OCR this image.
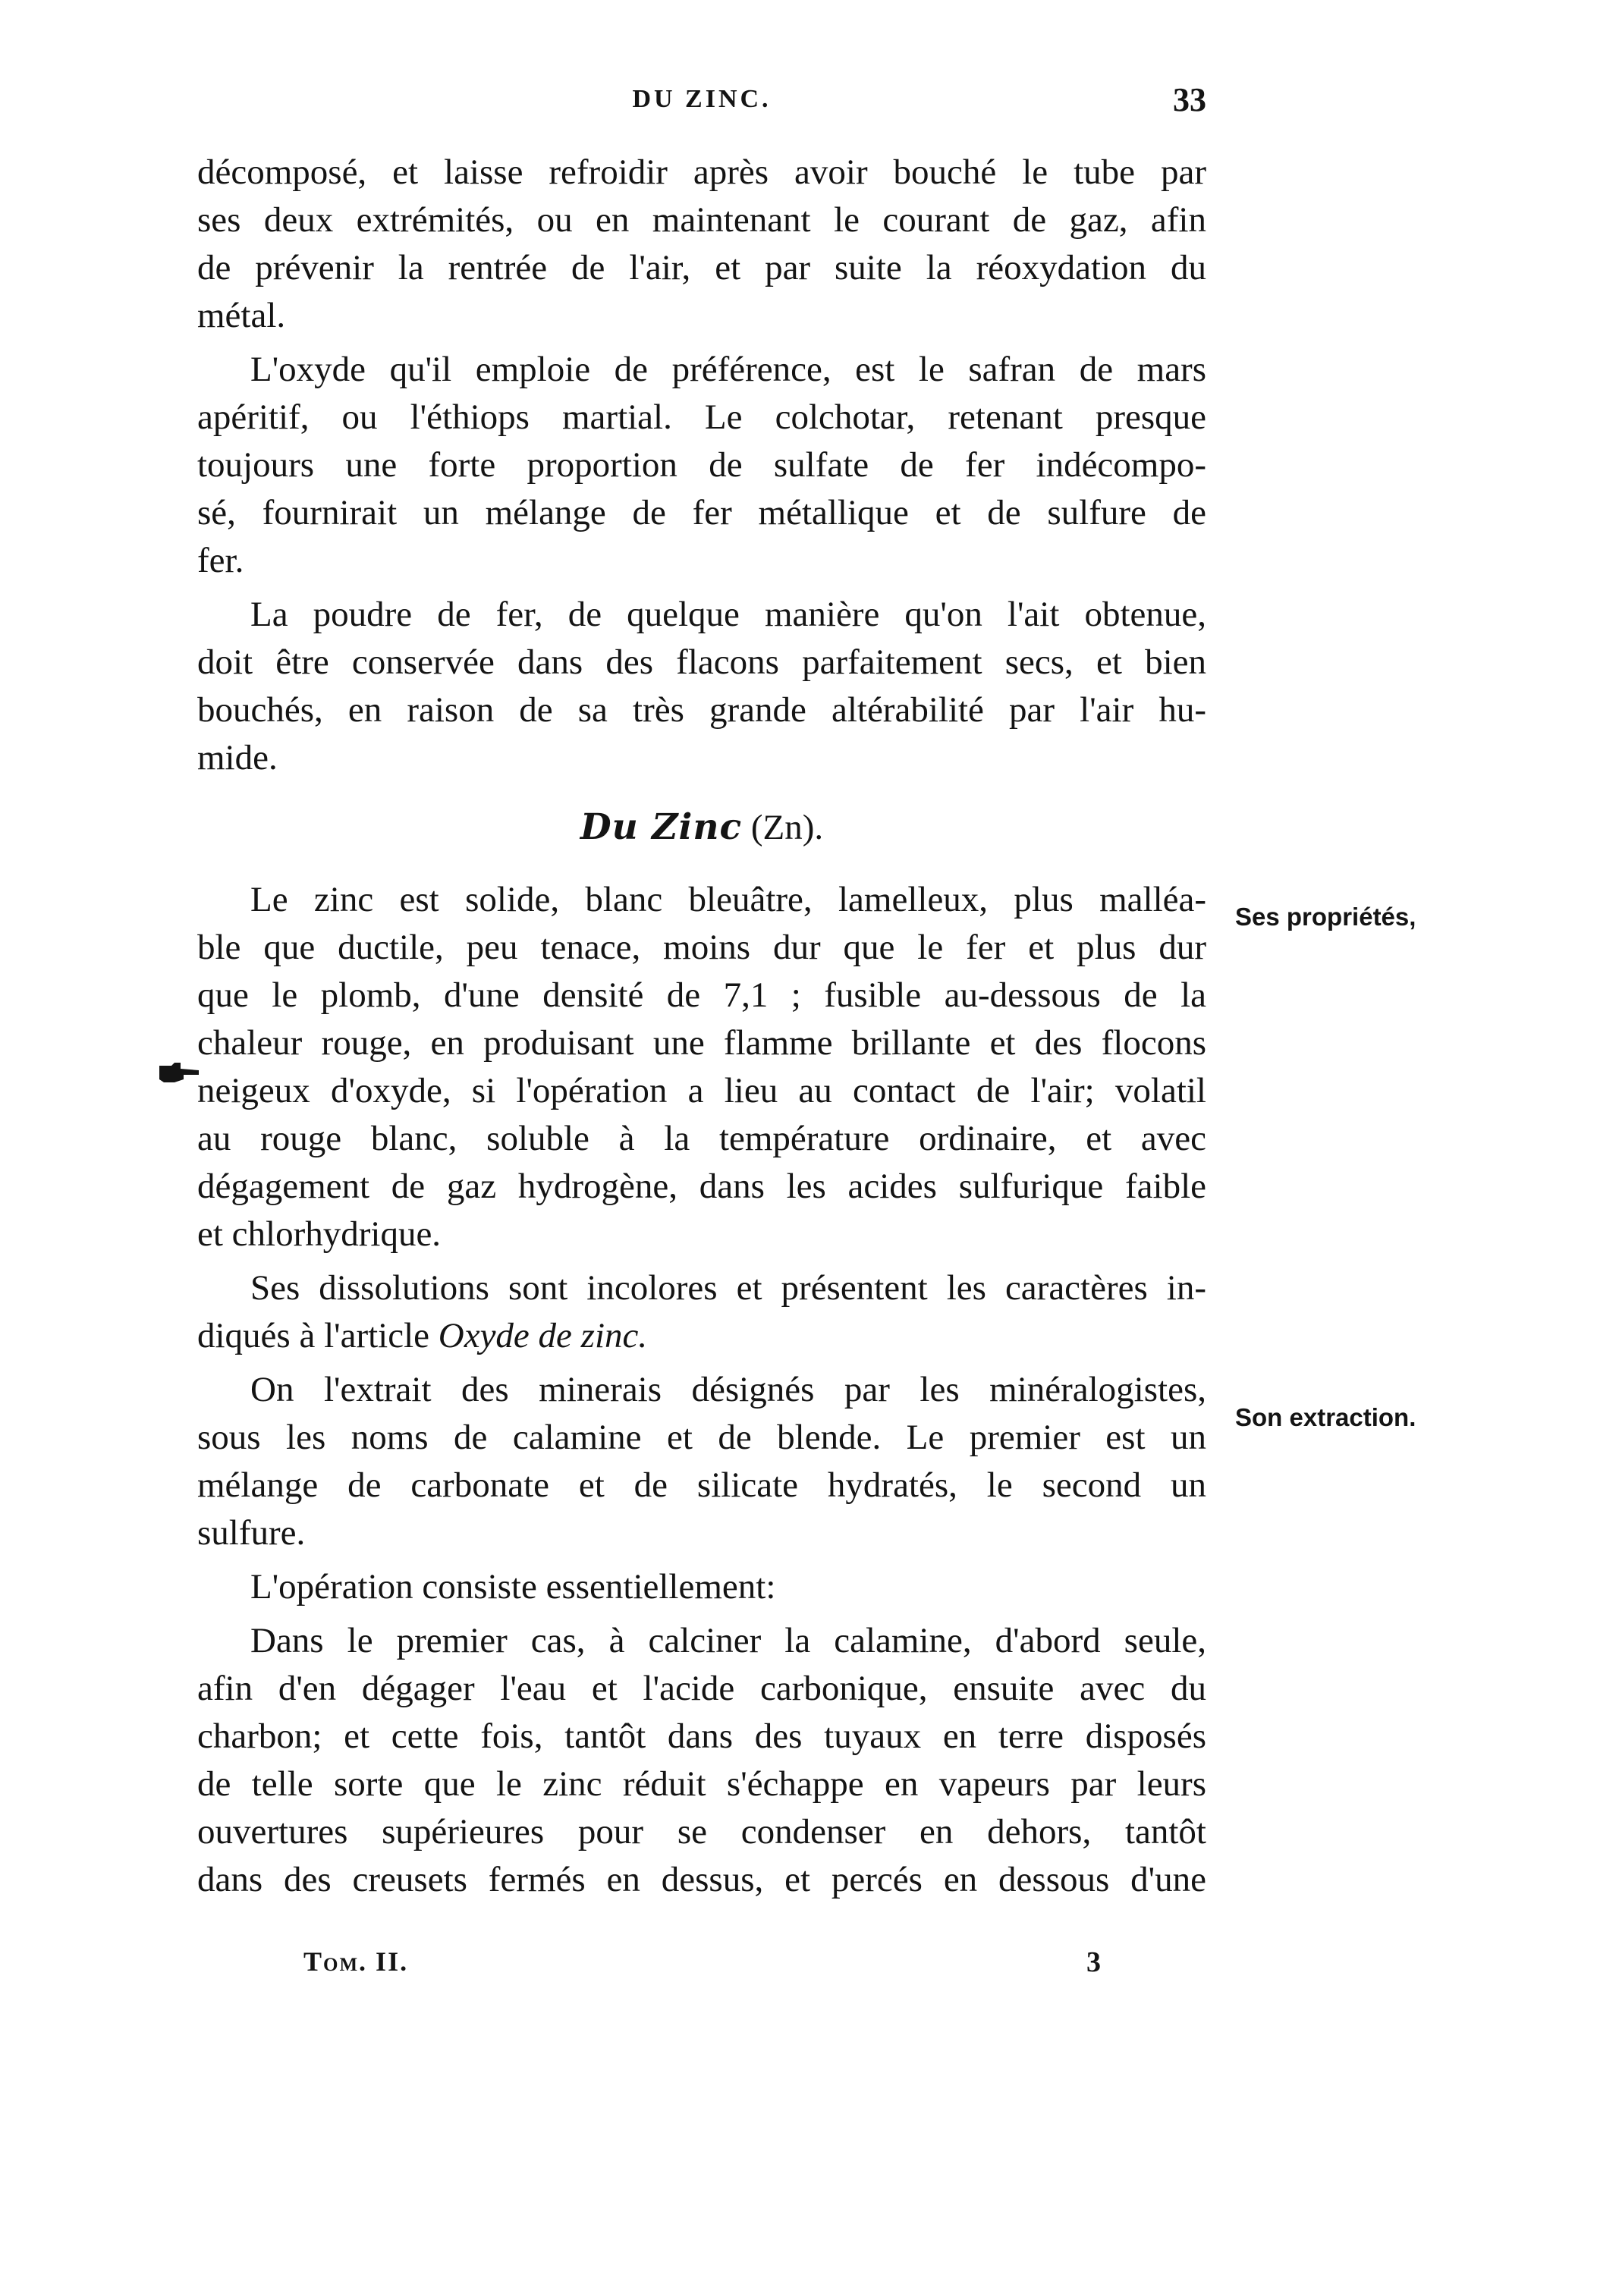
DU ZINC.	33
décomposé, et laisse refroidir après avoir bouché le tube par
ses deux extrémités, ou en maintenant le courant de gaz, afin
de prévenir la rentrée de l'air, et par suite la réoxydation du
métal.
L'oxyde qu'il emploie de préférence, est le safran de mars
apéritif, ou l'éthiops martial. Le colchotar, retenant presque
toujours une forte proportion de sulfate de fer indécompo-
sé, fournirait un mélange de fer métallique et de sulfure de
fer.
La poudre de fer, de quelque manière qu'on l'ait obtenue,
doit être conservée dans des flacons parfaitement secs, et bien
bouchés, en raison de sa très grande altérabilité par l'air hu-
mide.
Du Zinc (Zn).
Le zinc est solide, blanc bleuâtre, lamelleux, plus malléa-
ble que ductile, peu tenace, moins dur que le fer et plus dur
que le plomb, d'une densité de 7,1 ; fusible au-dessous de la
chaleur rouge, en produisant une flamme brillante et des flocons
neigeux d'oxyde, si l'opération a lieu au contact de l'air; volatil
au rouge blanc, soluble à la température ordinaire, et avec
dégagement de gaz hydrogène, dans les acides sulfurique faible
et chlorhydrique.
Ses dissolutions sont incolores et présentent les caractères in-
diqués à l'article Oxyde de zinc.
On l'extrait des minerais désignés par les minéralogistes,
sous les noms de calamine et de blende. Le premier est un
mélange de carbonate et de silicate hydratés, le second un
sulfure.
L'opération consiste essentiellement:
Dans le premier cas, à calciner la calamine, d'abord seule,
afin d'en dégager l'eau et l'acide carbonique, ensuite avec du
charbon; et cette fois, tantôt dans des tuyaux en terre disposés
de telle sorte que le zinc réduit s'échappe en vapeurs par leurs
ouvertures supérieures pour se condenser en dehors, tantôt
dans des creusets fermés en dessus, et percés en dessous d'une
Ses propriétés,
Son extraction.
Tom. II.	3
